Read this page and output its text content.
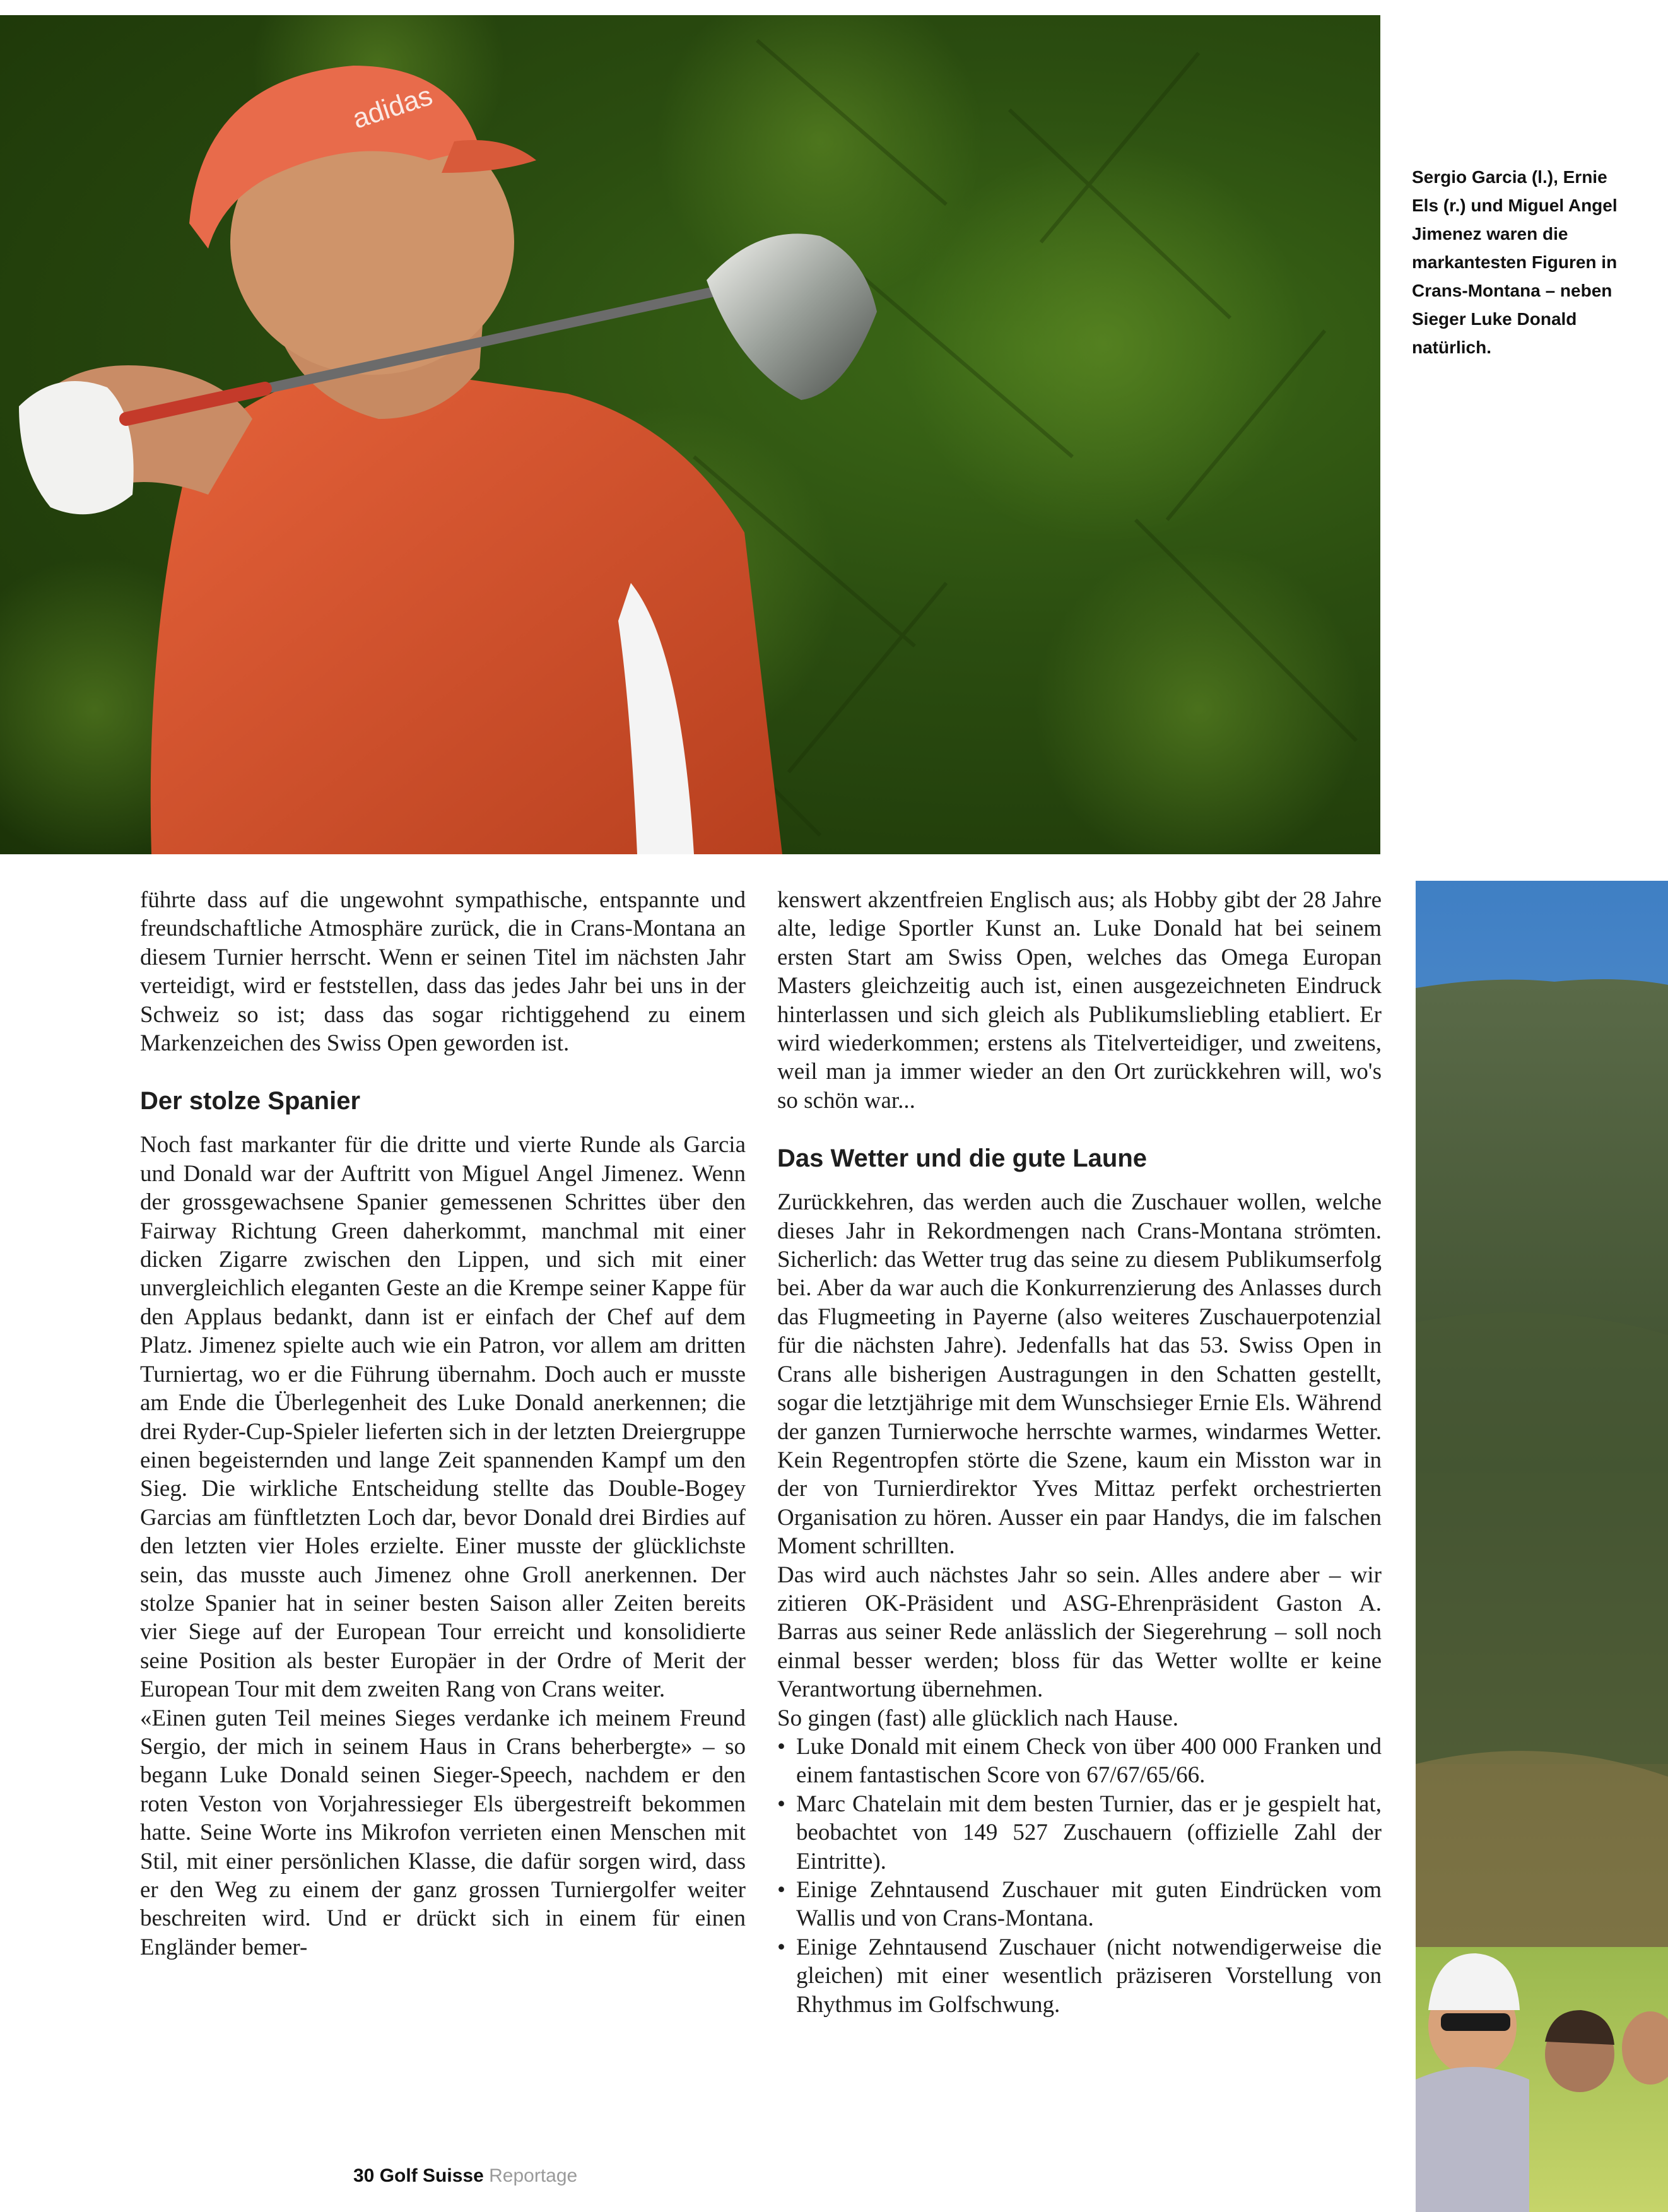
adidas
Sergio Garcia (l.), Ernie Els (r.) und Miguel Angel Jimenez waren die markantesten Figuren in Crans-Montana – neben Sieger Luke Donald natürlich.

führte dass auf die ungewohnt sympathische, entspannte und freundschaftliche Atmosphäre zurück, die in Crans-Montana an diesem Turnier herrscht. Wenn er seinen Titel im nächsten Jahr verteidigt, wird er feststellen, dass das jedes Jahr bei uns in der Schweiz so ist; dass das sogar richtiggehend zu einem Markenzeichen des Swiss Open geworden ist.

Der stolze Spanier

Noch fast markanter für die dritte und vierte Runde als Garcia und Donald war der Auftritt von Miguel Angel Jimenez. Wenn der grossgewachsene Spanier gemessenen Schrittes über den Fairway Richtung Green daherkommt, manchmal mit einer dicken Zigarre zwischen den Lippen, und sich mit einer unvergleichlich eleganten Geste an die Krempe seiner Kappe für den Applaus bedankt, dann ist er einfach der Chef auf dem Platz. Jimenez spielte auch wie ein Patron, vor allem am dritten Turniertag, wo er die Führung übernahm. Doch auch er musste am Ende die Überlegenheit des Luke Donald anerkennen; die drei Ryder-Cup-Spieler lieferten sich in der letzten Dreiergruppe einen begeisternden und lange Zeit spannenden Kampf um den Sieg. Die wirkliche Entscheidung stellte das Double-Bogey Garcias am fünftletzten Loch dar, bevor Donald drei Birdies auf den letzten vier Holes erzielte. Einer musste der glücklichste sein, das musste auch Jimenez ohne Groll anerkennen. Der stolze Spanier hat in seiner besten Saison aller Zeiten bereits vier Siege auf der European Tour erreicht und konsolidierte seine Position als bester Europäer in der Ordre of Merit der European Tour mit dem zweiten Rang von Crans weiter.

«Einen guten Teil meines Sieges verdanke ich meinem Freund Sergio, der mich in seinem Haus in Crans beherbergte» – so begann Luke Donald seinen Sieger-Speech, nachdem er den roten Veston von Vorjahressieger Els übergestreift bekommen hatte. Seine Worte ins Mikrofon verrieten einen Menschen mit Stil, mit einer persönlichen Klasse, die dafür sorgen wird, dass er den Weg zu einem der ganz grossen Turniergolfer weiter beschreiten wird. Und er drückt sich in einem für einen Engländer bemer-

kenswert akzentfreien Englisch aus; als Hobby gibt der 28 Jahre alte, ledige Sportler Kunst an. Luke Donald hat bei seinem ersten Start am Swiss Open, welches das Omega Europan Masters gleichzeitig auch ist, einen ausgezeichneten Eindruck hinterlassen und sich gleich als Publikumsliebling etabliert. Er wird wiederkommen; erstens als Titelverteidiger, und zweitens, weil man ja immer wieder an den Ort zurückkehren will, wo's so schön war...

Das Wetter und die gute Laune

Zurückkehren, das werden auch die Zuschauer wollen, welche dieses Jahr in Rekordmengen nach Crans-Montana strömten. Sicherlich: das Wetter trug das seine zu diesem Publikumserfolg bei. Aber da war auch die Konkurrenzierung des Anlasses durch das Flugmeeting in Payerne (also weiteres Zuschauerpotenzial für die nächsten Jahre). Jedenfalls hat das 53. Swiss Open in Crans alle bisherigen Austragungen in den Schatten gestellt, sogar die letztjährige mit dem Wunschsieger Ernie Els. Während der ganzen Turnierwoche herrschte warmes, windarmes Wetter. Kein Regentropfen störte die Szene, kaum ein Misston war in der von Turnierdirektor Yves Mittaz perfekt orchestrierten Organisation zu hören. Ausser ein paar Handys, die im falschen Moment schrillten.

Das wird auch nächstes Jahr so sein. Alles andere aber – wir zitieren OK-Präsident und ASG-Ehrenpräsident Gaston A. Barras aus seiner Rede anlässlich der Siegerehrung – soll noch einmal besser werden; bloss für das Wetter wollte er keine Verantwortung übernehmen.

So gingen (fast) alle glücklich nach Hause.

• Luke Donald mit einem Check von über 400 000 Franken und einem fantastischen Score von 67/67/65/66.
• Marc Chatelain mit dem besten Turnier, das er je gespielt hat, beobachtet von 149 527 Zuschauern (offizielle Zahl der Eintritte).
• Einige Zehntausend Zuschauer mit guten Eindrücken vom Wallis und von Crans-Montana.
• Einige Zehntausend Zuschauer (nicht notwendigerweise die gleichen) mit einer wesentlich präziseren Vorstellung von Rhythmus im Golfschwung.
30 Golf Suisse Reportage
